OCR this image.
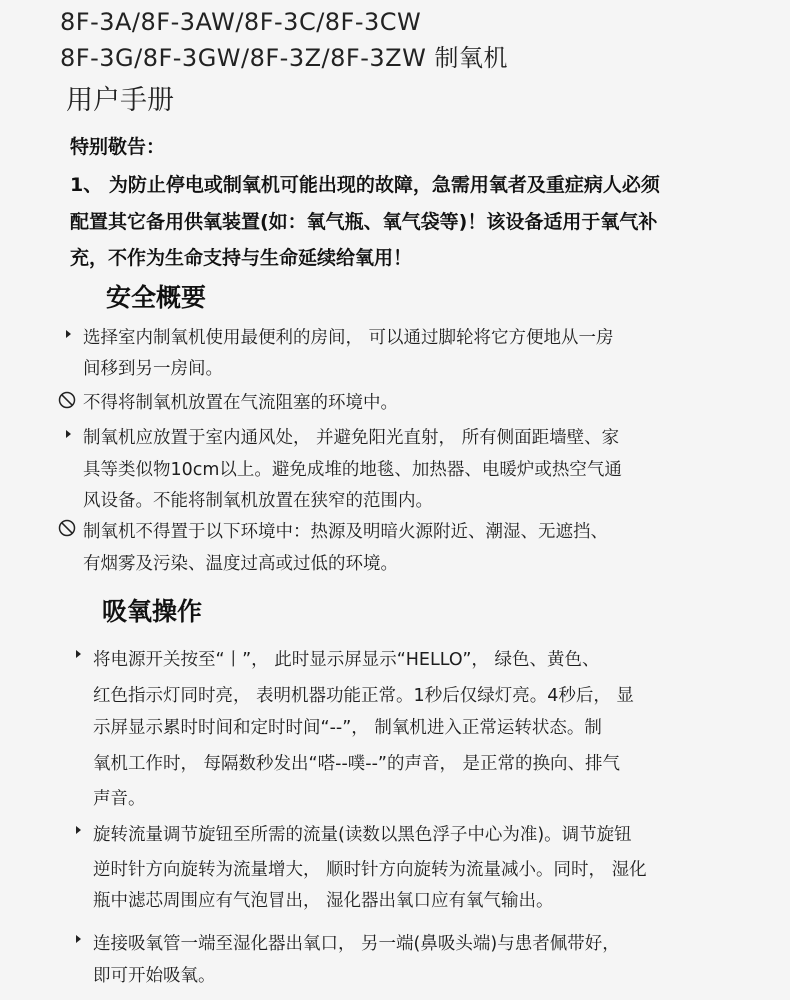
8F-3A/8F-3AW/8F-3C/8F-3CW
8F-3G/8F-3GW/8F-3Z/8F-3ZW 制氧机
用户手册
特别敬告：
1、 为防止停电或制氧机可能出现的故障，急需用氧者及重症病人必须
配置其它备用供氧装置(如：氧气瓶、氧气袋等)！该设备适用于氧气补
充，不作为生命支持与生命延续给氧用！
安全概要
选择室内制氧机使用最便利的房间， 可以通过脚轮将它方便地从一房
间移到另一房间。
不得将制氧机放置在气流阻塞的环境中。
制氧机应放置于室内通风处， 并避免阳光直射， 所有侧面距墙壁、家
具等类似物10cm以上。避免成堆的地毯、加热器、电暖炉或热空气通
风设备。不能将制氧机放置在狭窄的范围内。
制氧机不得置于以下环境中：热源及明暗火源附近、潮湿、无遮挡、
有烟雾及污染、温度过高或过低的环境。
吸氧操作
将电源开关按至“丨”， 此时显示屏显示“HELLO”， 绿色、黄色、
红色指示灯同时亮， 表明机器功能正常。1秒后仅绿灯亮。4秒后， 显
示屏显示累时时间和定时时间“--”， 制氧机进入正常运转状态。制
氧机工作时， 每隔数秒发出“嗒--噗--”的声音， 是正常的换向、排气
声音。
旋转流量调节旋钮至所需的流量(读数以黑色浮子中心为准)。调节旋钮
逆时针方向旋转为流量增大， 顺时针方向旋转为流量减小。同时， 湿化
瓶中滤芯周围应有气泡冒出， 湿化器出氧口应有氧气输出。
连接吸氧管一端至湿化器出氧口， 另一端(鼻吸头端)与患者佩带好，
即可开始吸氧。
